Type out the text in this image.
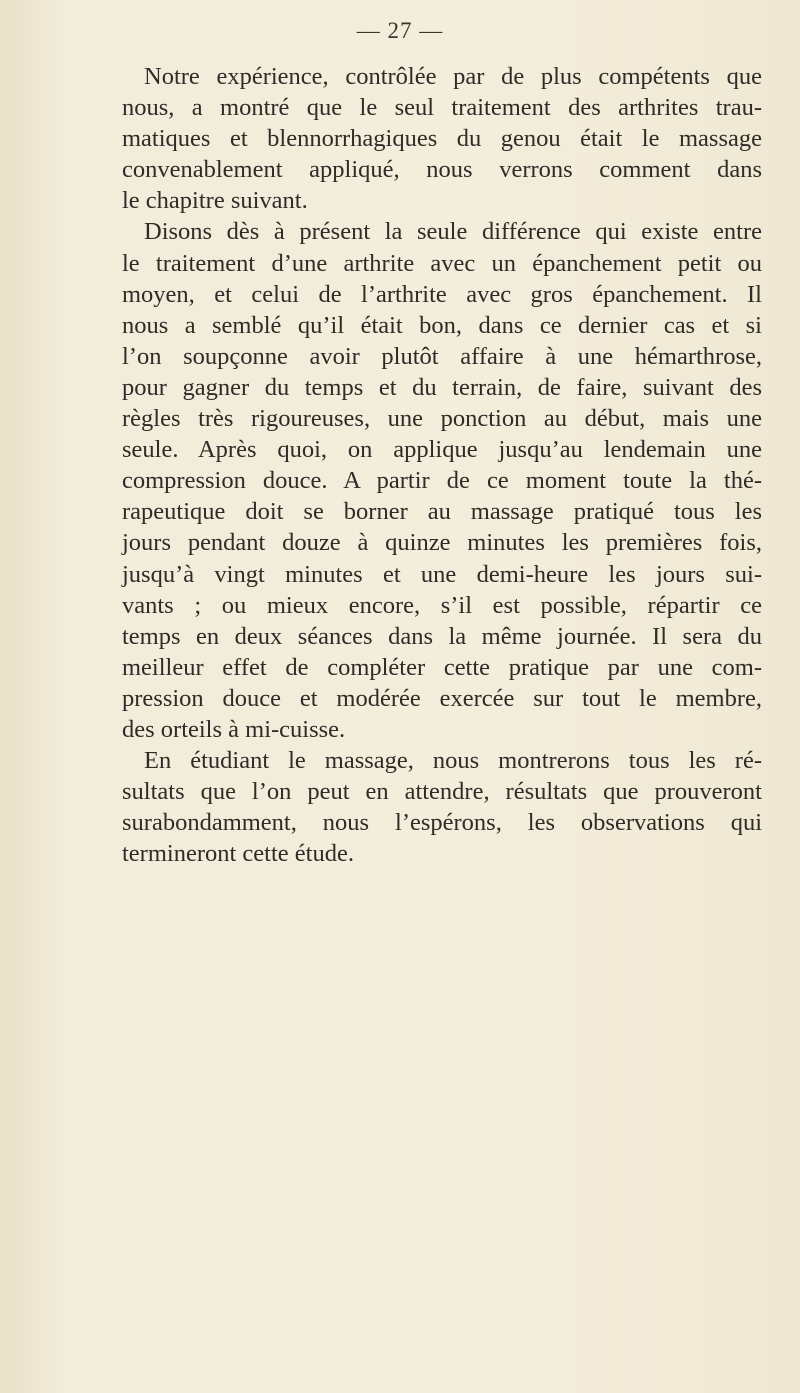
— 27 —
Notre expérience, contrôlée par de plus compétents que
nous, a montré que le seul traitement des arthrites trau-
matiques et blennorrhagiques du genou était le massage
convenablement appliqué, nous verrons comment dans
le chapitre suivant.
Disons dès à présent la seule différence qui existe entre
le traitement d’une arthrite avec un épanchement petit ou
moyen, et celui de l’arthrite avec gros épanchement. Il
nous a semblé qu’il était bon, dans ce dernier cas et si
l’on soupçonne avoir plutôt affaire à une hémarthrose,
pour gagner du temps et du terrain, de faire, suivant des
règles très rigoureuses, une ponction au début, mais une
seule. Après quoi, on applique jusqu’au lendemain une
compression douce. A partir de ce moment toute la thé-
rapeutique doit se borner au massage pratiqué tous les
jours pendant douze à quinze minutes les premières fois,
jusqu’à vingt minutes et une demi-heure les jours sui-
vants ; ou mieux encore, s’il est possible, répartir ce
temps en deux séances dans la même journée. Il sera du
meilleur effet de compléter cette pratique par une com-
pression douce et modérée exercée sur tout le membre,
des orteils à mi-cuisse.
En étudiant le massage, nous montrerons tous les ré-
sultats que l’on peut en attendre, résultats que prouveront
surabondamment, nous l’espérons, les observations qui
termineront cette étude.
